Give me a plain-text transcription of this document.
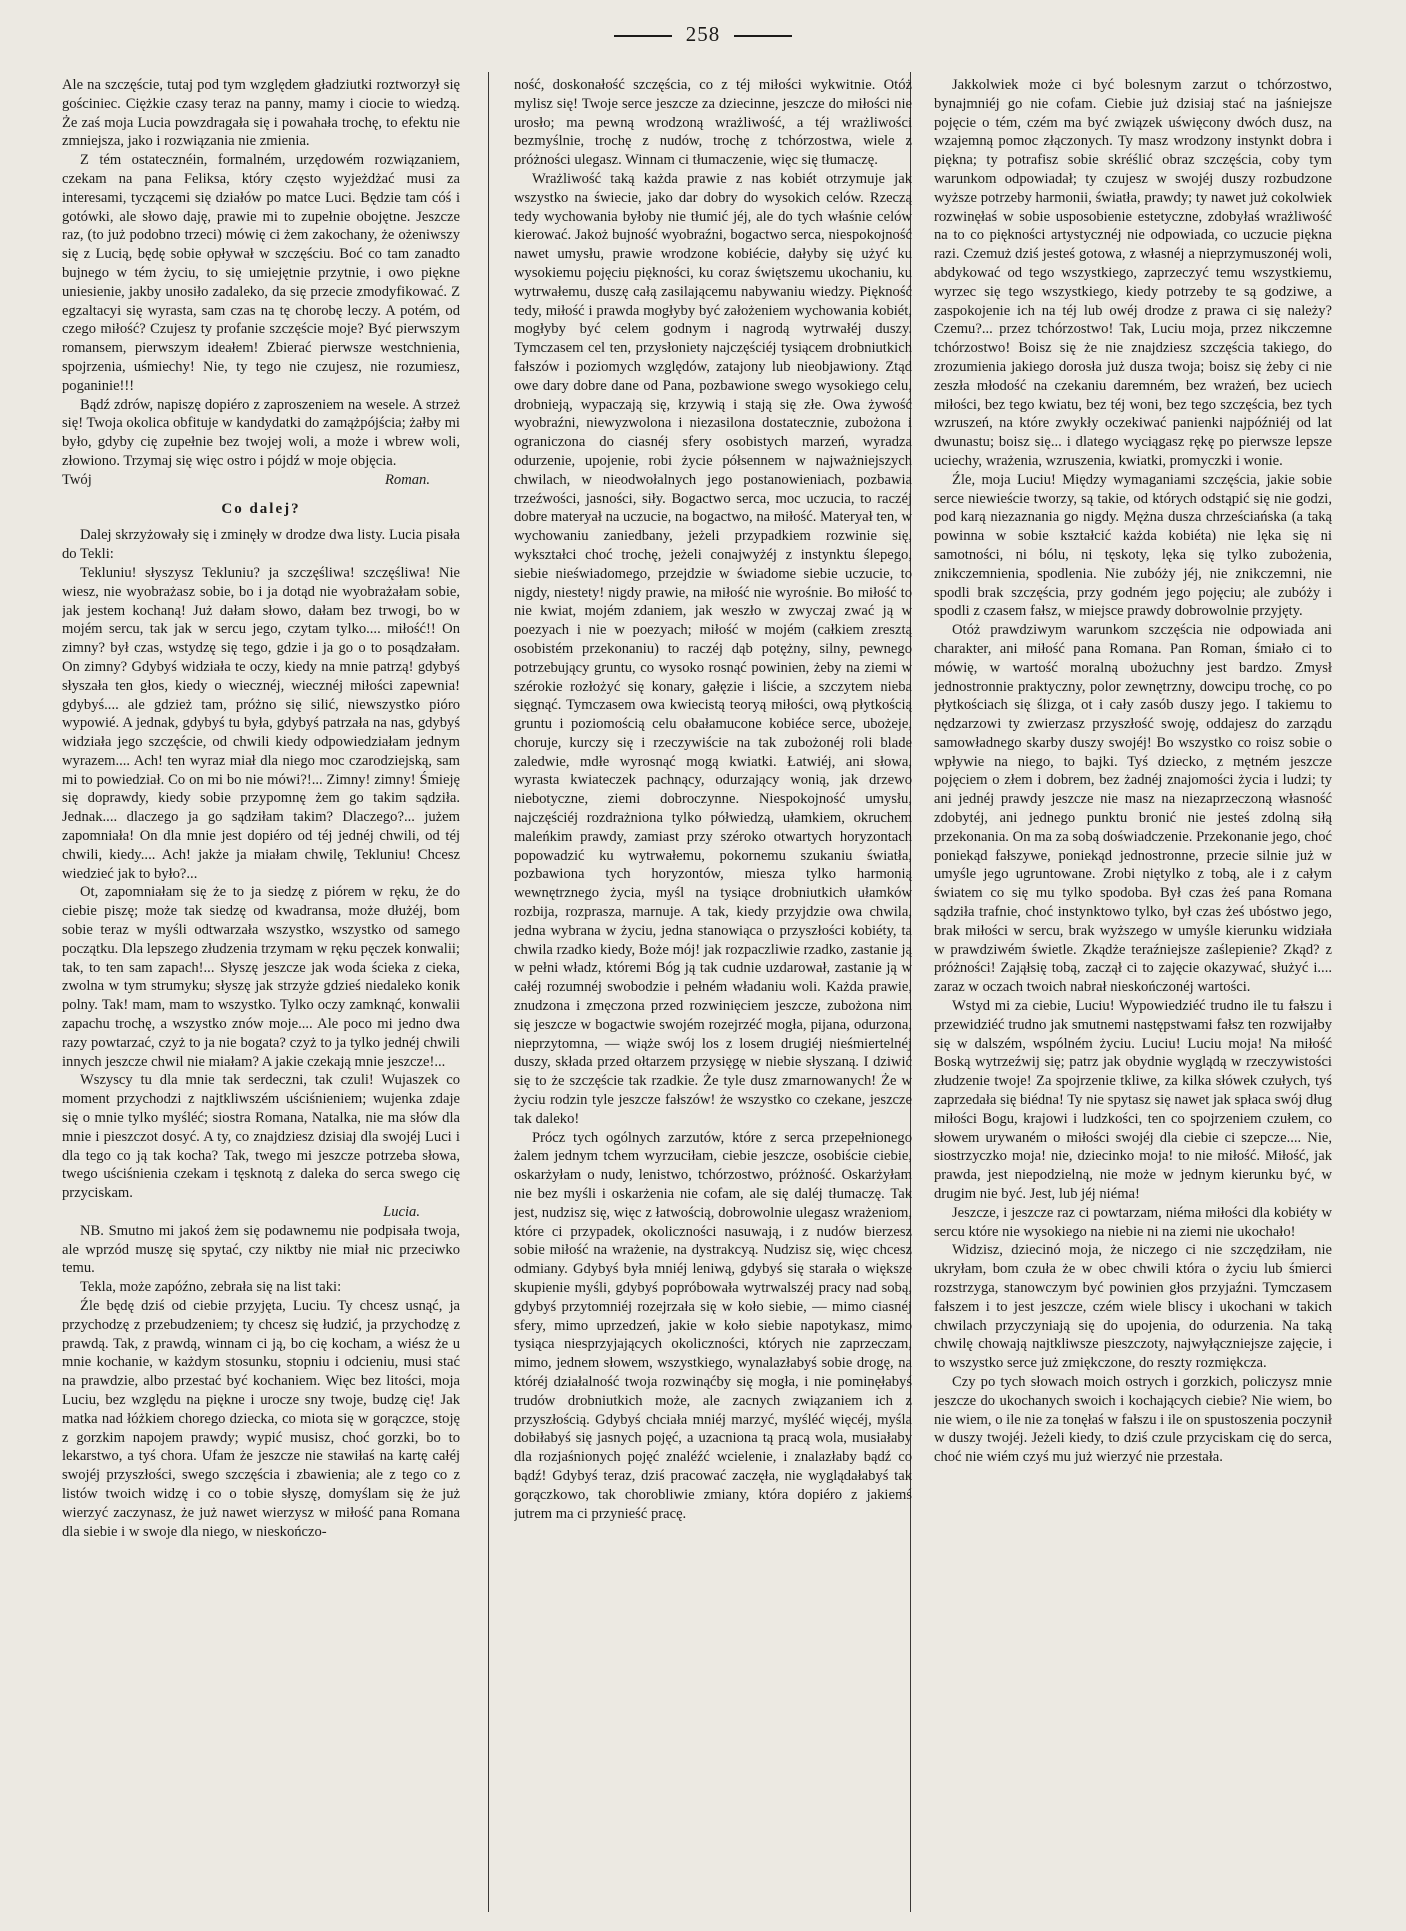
258

Ale na szczęście, tutaj pod tym względem gładziutki roztworzył się gościniec. Ciężkie czasy teraz na panny, mamy i ciocie to wiedzą. Że zaś moja Lucia powzdragała się i powahała trochę, to efektu nie zmniejsza, jako i rozwiązania nie zmienia.

Z tém ostatecznéin, formalném, urzędowém rozwiązaniem, czekam na pana Feliksa, który często wyjeżdżać musi za interesami, tyczącemi się działów po matce Luci. Będzie tam cóś i gotówki, ale słowo daję, prawie mi to zupełnie obojętne. Jeszcze raz, (to już podobno trzeci) mówię ci żem zakochany, że ożeniwszy się z Lucią, będę sobie opływał w szczęściu. Boć co tam zanadto bujnego w tém życiu, to się umiejętnie przytnie, i owo piękne uniesienie, jakby unosiło zadaleko, da się przecie zmodyfikować. Z egzaltacyi się wyrasta, sam czas na tę chorobę leczy. A potém, od czego miłość? Czujesz ty profanie szczęście moje? Być pierwszym romansem, pierwszym ideałem! Zbierać pierwsze westchnienia, spojrzenia, uśmiechy! Nie, ty tego nie czujesz, nie rozumiesz, poganinie!!!

Bądź zdrów, napiszę dopiéro z zaproszeniem na wesele. A strzeż się! Twoja okolica obfituje w kandydatki do zamążpójścia; żałby mi było, gdyby cię zupełnie bez twojej woli, a może i wbrew woli, złowiono. Trzymaj się więc ostro i pójdź w moje objęcia.

Twój	Roman.
Co dalej?

Dalej skrzyżowały się i zminęły w drodze dwa listy. Lucia pisała do Tekli:

Tekluniu! słyszysz Tekluniu? ja szczęśliwa! szczęśliwa! Nie wiesz, nie wyobrażasz sobie, bo i ja dotąd nie wyobrażałam sobie, jak jestem kochaną! Już dałam słowo, dałam bez trwogi, bo w mojém sercu, tak jak w sercu jego, czytam tylko.... miłość!! On zimny? był czas, wstydzę się tego, gdzie i ja go o to posądzałam. On zimny? Gdybyś widziała te oczy, kiedy na mnie patrzą! gdybyś słyszała ten głos, kiedy o wiecznéj, wiecznéj miłości zapewnia! gdybyś.... ale gdzież tam, próżno się silić, niewszystko pióro wypowié. A jednak, gdybyś tu była, gdybyś patrzała na nas, gdybyś widziała jego szczęście, od chwili kiedy odpowiedziałam jednym wyrazem.... Ach! ten wyraz miał dla niego moc czarodziejską, sam mi to powiedział. Co on mi bo nie mówi?!... Zimny! zimny! Śmieję się doprawdy, kiedy sobie przypomnę żem go takim sądziła. Jednak.... dlaczego ja go sądziłam takim? Dlaczego?... jużem zapomniała! On dla mnie jest dopiéro od téj jednéj chwili, od téj chwili, kiedy.... Ach! jakże ja miałam chwilę, Tekluniu! Chcesz wiedzieć jak to było?...

Ot, zapomniałam się że to ja siedzę z piórem w ręku, że do ciebie piszę; może tak siedzę od kwadransa, może dłużéj, bom sobie teraz w myśli odtwarzała wszystko, wszystko od samego początku. Dla lepszego złudzenia trzymam w ręku pęczek konwalii; tak, to ten sam zapach!... Słyszę jeszcze jak woda ścieka z cieka, zwolna w tym strumyku; słyszę jak strzyże gdzieś niedaleko konik polny. Tak! mam, mam to wszystko. Tylko oczy zamknąć, konwalii zapachu trochę, a wszystko znów moje.... Ale poco mi jedno dwa razy powtarzać, czyż to ja nie bogata? czyż to ja tylko jednéj chwili innych jeszcze chwil nie miałam? A jakie czekają mnie jeszcze!...

Wszyscy tu dla mnie tak serdeczni, tak czuli! Wujaszek co moment przychodzi z najtkliwszém uściśnieniem; wujenka zdaje się o mnie tylko myśléć; siostra Romana, Natalka, nie ma słów dla mnie i pieszczot dosyć. A ty, co znajdziesz dzisiaj dla swojéj Luci i dla tego co ją tak kocha? Tak, twego mi jeszcze potrzeba słowa, twego uściśnienia czekam i tęsknotą z daleka do serca swego cię przyciskam.

Lucia.

NB. Smutno mi jakoś żem się podawnemu nie podpisała twoja, ale wprzód muszę się spytać, czy niktby nie miał nic przeciwko temu.

Tekla, może zapóźno, zebrała się na list taki:

Źle będę dziś od ciebie przyjęta, Luciu. Ty chcesz usnąć, ja przychodzę z przebudzeniem; ty chcesz się łudzić, ja przychodzę z prawdą. Tak, z prawdą, winnam ci ją, bo cię kocham, a wiész że u mnie kochanie, w każdym stosunku, stopniu i odcieniu, musi stać na prawdzie, albo przestać być kochaniem. Więc bez litości, moja Luciu, bez względu na piękne i urocze sny twoje, budzę cię! Jak matka nad łóżkiem chorego dziecka, co miota się w gorączce, stoję z gorzkim napojem prawdy; wypić musisz, choć gorzki, bo to lekarstwo, a tyś chora. Ufam że jeszcze nie stawiłaś na kartę całéj swojéj przyszłości, swego szczęścia i zbawienia; ale z tego co z listów twoich widzę i co o tobie słyszę, domyślam się że już wierzyć zaczynasz, że już nawet wierzysz w miłość pana Romana dla siebie i w swoje dla niego, w nieskończo-

ność, doskonałość szczęścia, co z téj miłości wykwitnie. Otóż mylisz się! Twoje serce jeszcze za dziecinne, jeszcze do miłości nie urosło; ma pewną wrodzoną wrażliwość, a téj wrażliwości bezmyślnie, trochę z nudów, trochę z tchórzostwa, wiele z próżności ulegasz. Winnam ci tłumaczenie, więc się tłumaczę.

Wrażliwość taką każda prawie z nas kobiét otrzymuje jak wszystko na świecie, jako dar dobry do wysokich celów. Rzeczą tedy wychowania byłoby nie tłumić jéj, ale do tych właśnie celów kierować. Jakoż bujność wyobraźni, bogactwo serca, niespokojność nawet umysłu, prawie wrodzone kobiécie, dałyby się użyć ku wysokiemu pojęciu piękności, ku coraz świętszemu ukochaniu, ku wytrwałemu, duszę całą zasilającemu nabywaniu wiedzy. Piękność tedy, miłość i prawda mogłyby być założeniem wychowania kobiét, mogłyby być celem godnym i nagrodą wytrwałéj duszy. Tymczasem cel ten, przysłoniety najczęściéj tysiącem drobniutkich fałszów i poziomych względów, zatajony lub nieobjawiony. Ztąd owe dary dobre dane od Pana, pozbawione swego wysokiego celu, drobnieją, wypaczają się, krzywią i stają się złe. Owa żywość wyobraźni, niewyzwolona i niezasilona dostatecznie, zubożona i ograniczona do ciasnéj sfery osobistych marzeń, wyradza odurzenie, upojenie, robi życie półsennem w najważniejszych chwilach, w nieodwołalnych jego postanowieniach, pozbawia trzeźwości, jasności, siły. Bogactwo serca, moc uczucia, to raczéj dobre materyał na uczucie, na bogactwo, na miłość. Materyał ten, w wychowaniu zaniedbany, jeżeli przypadkiem rozwinie się, wykształci choć trochę, jeżeli conajwyżéj z instynktu ślepego, siebie nieświadomego, przejdzie w świadome siebie uczucie, to nigdy, niestety! nigdy prawie, na miłość nie wyrośnie. Bo miłość to nie kwiat, mojém zdaniem, jak weszło w zwyczaj zwać ją w poezyach i nie w poezyach; miłość w mojém (całkiem zresztą osobistém przekonaniu) to raczéj dąb potężny, silny, pewnego potrzebujący gruntu, co wysoko rosnąć powinien, żeby na ziemi w szérokie rozłożyć się konary, gałęzie i liście, a szczytem nieba sięgnąć. Tymczasem owa kwiecistą teoryą miłości, ową płytkością gruntu i poziomością celu obałamucone kobiéce serce, ubożeje, choruje, kurczy się i rzeczywiście na tak zubożonéj roli blade zaledwie, mdłe wyrosnąć mogą kwiatki. Łatwiéj, ani słowa, wyrasta kwiateczek pachnący, odurzający wonią, jak drzewo niebotyczne, ziemi dobroczynne. Niespokojność umysłu, najczęściéj rozdrażniona tylko półwiedzą, ułamkiem, okruchem maleńkim prawdy, zamiast przy széroko otwartych horyzontach popowadzić ku wytrwałemu, pokornemu szukaniu światła, pozbawiona tych horyzontów, miesza tylko harmonią wewnętrznego życia, myśl na tysiące drobniutkich ułamków rozbija, rozprasza, marnuje. A tak, kiedy przyjdzie owa chwila, jedna wybrana w życiu, jedna stanowiąca o przyszłości kobiéty, ta chwila rzadko kiedy, Boże mój! jak rozpaczliwie rzadko, zastanie ją w pełni władz, któremi Bóg ją tak cudnie uzdarował, zastanie ją w całéj rozumnéj swobodzie i pełném władaniu woli. Każda prawie, znudzona i zmęczona przed rozwinięciem jeszcze, zubożona nim się jeszcze w bogactwie swojém rozejrzéć mogła, pijana, odurzona, nieprzytomna, — wiąże swój los z losem drugiéj nieśmiertelnéj duszy, składa przed ołtarzem przysięgę w niebie słyszaną. I dziwić się to że szczęście tak rzadkie. Że tyle dusz zmarnowanych! Że w życiu rodzin tyle jeszcze fałszów! że wszystko co czekane, jeszcze tak daleko!

Prócz tych ogólnych zarzutów, które z serca przepełnionego żalem jednym tchem wyrzuciłam, ciebie jeszcze, osobiście ciebie, oskarżyłam o nudy, lenistwo, tchórzostwo, próżność. Oskarżyłam nie bez myśli i oskarżenia nie cofam, ale się daléj tłumaczę. Tak jest, nudzisz się, więc z łatwością, dobrowolnie ulegasz wrażeniom, które ci przypadek, okoliczności nasuwają, i z nudów bierzesz sobie miłość na wrażenie, na dystrakcyą. Nudzisz się, więc chcesz odmiany. Gdybyś była mniéj leniwą, gdybyś się starała o większe skupienie myśli, gdybyś popróbowała wytrwalszéj pracy nad sobą, gdybyś przytomniéj rozejrzała się w koło siebie, — mimo ciasnéj sfery, mimo uprzedzeń, jakie w koło siebie napotykasz, mimo tysiąca niesprzyjających okoliczności, których nie zaprzeczam, mimo, jednem słowem, wszystkiego, wynalazłabyś sobie drogę, na któréj działalność twoja rozwinąćby się mogła, i nie pominęłabyś trudów drobniutkich może, ale zacnych związaniem ich z przyszłością. Gdybyś chciała mniéj marzyć, myśléć więcéj, myśla dobiłabyś się jasnych pojęć, a uzacniona tą pracą wola, musiałaby dla rozjaśnionych pojęć znaléźć wcielenie, i znalazłaby bądź co bądź! Gdybyś teraz, dziś pracować zaczęła, nie wyglądałabyś tak gorączkowo, tak chorobliwie zmiany, która dopiéro z jakiemś jutrem ma ci przynieść pracę.

Jakkolwiek może ci być bolesnym zarzut o tchórzostwo, bynajmniéj go nie cofam. Ciebie już dzisiaj stać na jaśniejsze pojęcie o tém, czém ma być związek uświęcony dwóch dusz, na wzajemną pomoc złączonych. Ty masz wrodzony instynkt dobra i piękna; ty potrafisz sobie skréślić obraz szczęścia, coby tym warunkom odpowiadał; ty czujesz w swojéj duszy rozbudzone wyższe potrzeby harmonii, światła, prawdy; ty nawet już cokolwiek rozwinęłaś w sobie usposobienie estetyczne, zdobyłaś wrażliwość na to co piękności artystycznéj nie odpowiada, co uczucie piękna razi. Czemuż dziś jesteś gotowa, z własnéj a nieprzymuszonéj woli, abdykować od tego wszystkiego, zaprzeczyć temu wszystkiemu, wyrzec się tego wszystkiego, kiedy potrzeby te są godziwe, a zaspokojenie ich na téj lub owéj drodze z prawa ci się należy? Czemu?... przez tchórzostwo! Tak, Luciu moja, przez nikczemne tchórzostwo! Boisz się że nie znajdziesz szczęścia takiego, do zrozumienia jakiego dorosła już dusza twoja; boisz się żeby ci nie zeszła młodość na czekaniu daremném, bez wrażeń, bez uciech miłości, bez tego kwiatu, bez téj woni, bez tego szczęścia, bez tych wzruszeń, na które zwykły oczekiwać panienki najpóźniéj od lat dwunastu; boisz się... i dlatego wyciągasz rękę po pierwsze lepsze uciechy, wrażenia, wzruszenia, kwiatki, promyczki i wonie.

Źle, moja Luciu! Między wymaganiami szczęścia, jakie sobie serce niewieście tworzy, są takie, od których odstąpić się nie godzi, pod karą niezaznania go nigdy. Mężna dusza chrześciańska (a taką powinna w sobie kształcić każda kobiéta) nie lęka się ni samotności, ni bólu, ni tęskoty, lęka się tylko zubożenia, znikczemnienia, spodlenia. Nie zubóży jéj, nie znikczemni, nie spodli brak szczęścia, przy godném jego pojęciu; ale zubóży i spodli z czasem fałsz, w miejsce prawdy dobrowolnie przyjęty.

Otóż prawdziwym warunkom szczęścia nie odpowiada ani charakter, ani miłość pana Romana. Pan Roman, śmiało ci to mówię, w wartość moralną ubożuchny jest bardzo. Zmysł jednostronnie praktyczny, polor zewnętrzny, dowcipu trochę, co po płytkościach się ślizga, ot i cały zasób duszy jego. I takiemu to nędzarzowi ty zwierzasz przyszłość swoję, oddajesz do zarządu samowładnego skarby duszy swojéj! Bo wszystko co roisz sobie o wpływie na niego, to bajki. Tyś dziecko, z mętném jeszcze pojęciem o złem i dobrem, bez żadnéj znajomości życia i ludzi; ty ani jednéj prawdy jeszcze nie masz na niezaprzeczoną własność zdobytéj, ani jednego punktu bronić nie jesteś zdolną siłą przekonania. On ma za sobą doświadczenie. Przekonanie jego, choć poniekąd fałszywe, poniekąd jednostronne, przecie silnie już w umyśle jego ugruntowane. Zrobi niętylko z tobą, ale i z całym światem co się mu tylko spodoba. Był czas żeś pana Romana sądziła trafnie, choć instynktowo tylko, był czas żeś ubóstwo jego, brak miłości w sercu, brak wyższego w umyśle kierunku widziała w prawdziwém świetle. Zkądże teraźniejsze zaślepienie? Zkąd? z próżności! Zająłsię tobą, zaczął ci to zajęcie okazywać, służyć i.... zaraz w oczach twoich nabrał nieskończonéj wartości.

Wstyd mi za ciebie, Luciu! Wypowiedziéć trudno ile tu fałszu i przewidziéć trudno jak smutnemi następstwami fałsz ten rozwijałby się w dalszém, wspólném życiu. Luciu! Luciu moja! Na miłość Boską wytrzeźwij się; patrz jak obydnie wyglądą w rzeczywistości złudzenie twoje! Za spojrzenie tkliwe, za kilka słówek czułych, tyś zaprzedała się biédna! Ty nie spytasz się nawet jak spłaca swój dług miłości Bogu, krajowi i ludzkości, ten co spojrzeniem czułem, co słowem urywaném o miłości swojéj dla ciebie ci szepcze.... Nie, siostrzyczko moja! nie, dziecinko moja! to nie miłość. Miłość, jak prawda, jest niepodzielną, nie może w jednym kierunku być, w drugim nie być. Jest, lub jéj niéma!

Jeszcze, i jeszcze raz ci powtarzam, niéma miłości dla kobiéty w sercu które nie wysokiego na niebie ni na ziemi nie ukochało!

Widzisz, dziecinó moja, że niczego ci nie szczędziłam, nie ukryłam, bom czuła że w obec chwili która o życiu lub śmierci rozstrzyga, stanowczym być powinien głos przyjaźni. Tymczasem fałszem i to jest jeszcze, czém wiele bliscy i ukochani w takich chwilach przyczyniają się do upojenia, do odurzenia. Na taką chwilę chowają najtkliwsze pieszczoty, najwyłączniejsze zajęcie, i to wszystko serce już zmiękczone, do reszty rozmiękcza.

Czy po tych słowach moich ostrych i gorzkich, policzysz mnie jeszcze do ukochanych swoich i kochających ciebie? Nie wiem, bo nie wiem, o ile nie za tonęłaś w fałszu i ile on spustoszenia poczynił w duszy twojéj. Jeżeli kiedy, to dziś czule przyciskam cię do serca, choć nie wiém czyś mu już wierzyć nie przestała.
